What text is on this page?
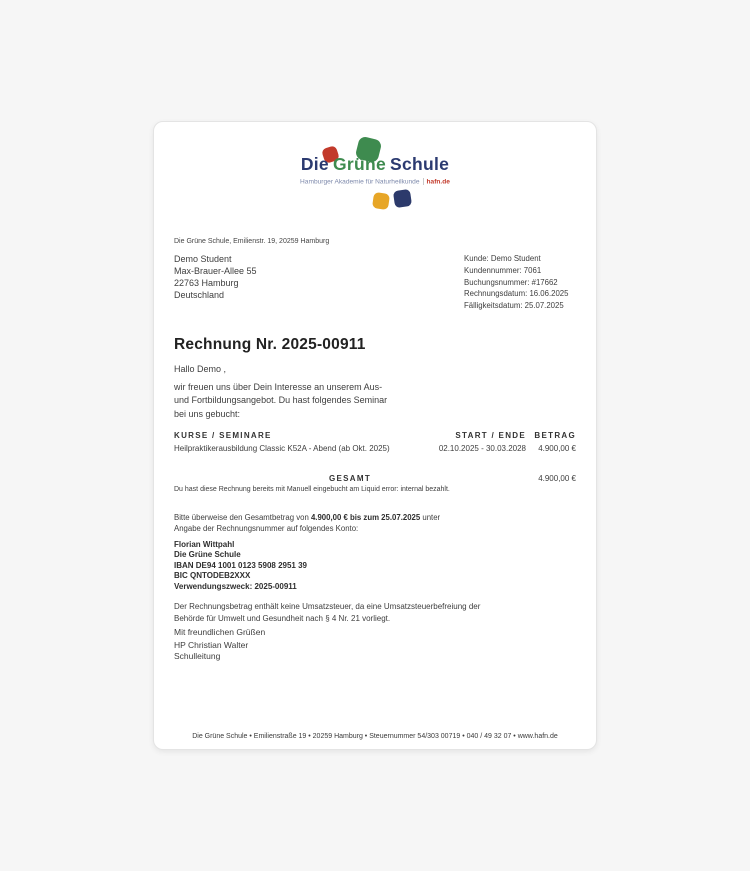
Die Grüne Schule
Hamburger Akademie für Naturheilkunde hafn.de
Die Grüne Schule, Emilienstr. 19, 20259 Hamburg
Demo Student
Max-Brauer-Allee 55
22763 Hamburg
Deutschland
Kunde: Demo Student
Kundennummer: 7061
Buchungsnummer: #17662
Rechnungsdatum: 16.06.2025
Fälligkeitsdatum: 25.07.2025
Rechnung Nr. 2025-00911
Hallo Demo ,
wir freuen uns über Dein Interesse an unserem Aus-
und Fortbildungsangebot. Du hast folgendes Seminar
bei uns gebucht:
KURSE / SEMINARE	START / ENDE	BETRAG
Heilpraktikerausbildung Classic K52A - Abend (ab Okt. 2025)	02.10.2025 - 30.03.2028	4.900,00 €
GESAMT	4.900,00 €
Du hast diese Rechnung bereits mit Manuell eingebucht am Liquid error: internal bezahlt.
Bitte überweise den Gesamtbetrag von 4.900,00 € bis zum 25.07.2025 unter Angabe der Rechnungsnummer auf folgendes Konto:
Florian Wittpahl
Die Grüne Schule
IBAN DE94 1001 0123 5908 2951 39
BIC QNTODEB2XXX
Verwendungszweck: 2025-00911
Der Rechnungsbetrag enthält keine Umsatzsteuer, da eine Umsatzsteuerbefreiung der
Behörde für Umwelt und Gesundheit nach § 4 Nr. 21 vorliegt.
Mit freundlichen Grüßen
HP Christian Walter
Schulleitung
Die Grüne Schule • Emilienstraße 19 • 20259 Hamburg • Steuernummer 54/303 00719 • 040 / 49 32 07 • www.hafn.de
